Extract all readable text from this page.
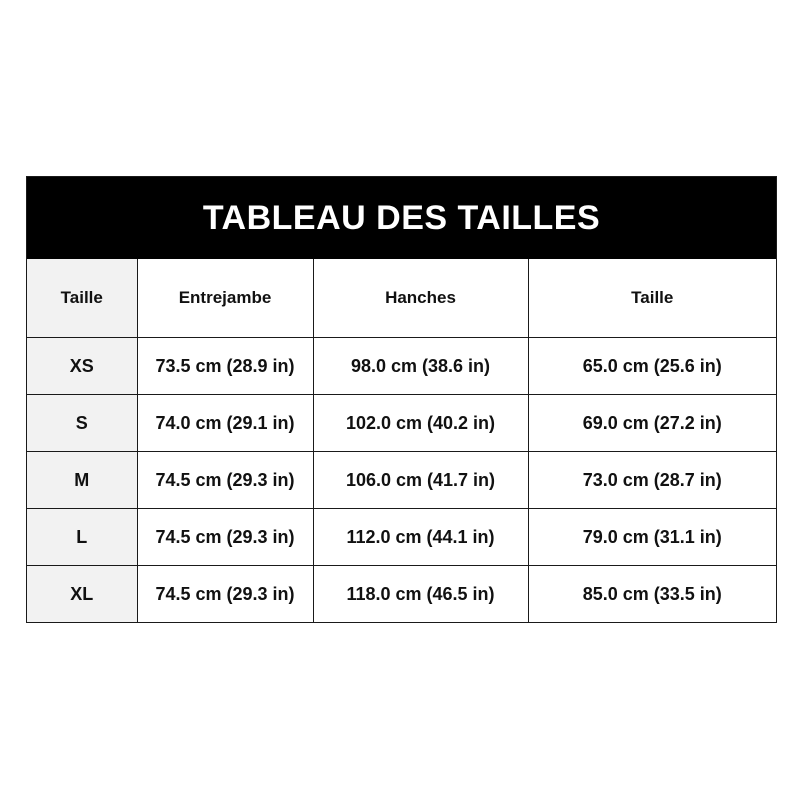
TABLEAU DES TAILLES
Taille	Entrejambe	Hanches	Taille
XS	73.5 cm (28.9 in)	98.0 cm (38.6 in)	65.0 cm (25.6 in)
S	74.0 cm (29.1 in)	102.0 cm (40.2 in)	69.0 cm (27.2 in)
M	74.5 cm (29.3 in)	106.0 cm (41.7 in)	73.0 cm (28.7 in)
L	74.5 cm (29.3 in)	112.0 cm (44.1 in)	79.0 cm (31.1 in)
XL	74.5 cm (29.3 in)	118.0 cm (46.5 in)	85.0 cm (33.5 in)
